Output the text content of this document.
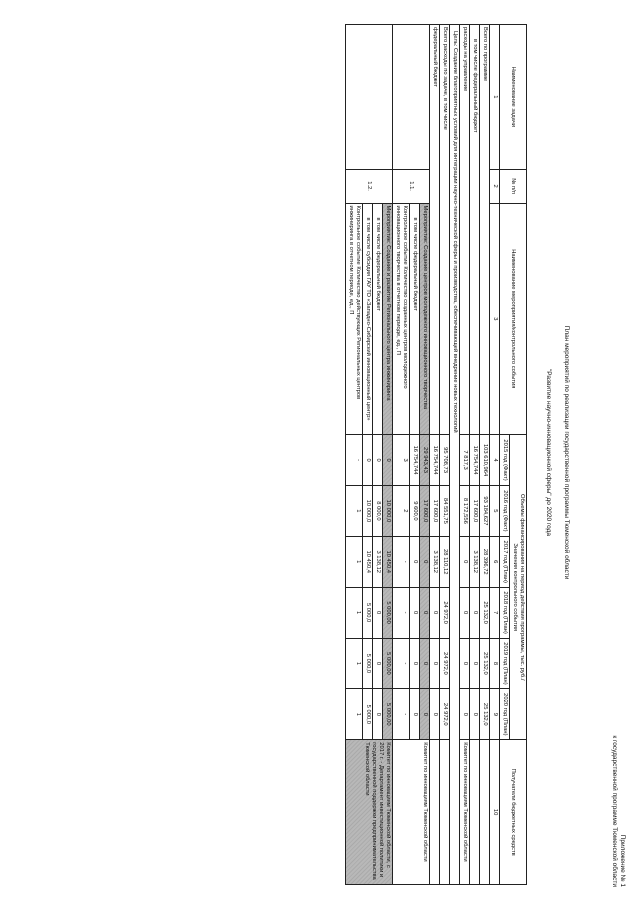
Приложение № 1
к государственной программе Тюменской области
План мероприятий по реализации государственной программы Тюменской области
"Развитие научно-инновационной сферы" до 2020 года
Наименование задачи	№ п/п	Наименование мероприятия/контрольного события	Объемы финансирования на период действия программы, тыс. руб./
Значения контрольного события						Получатели бюджетных средств
			2015 год (Факт)	2016 год (Факт)	2017 год (План)	2018 год (План)	2019 год (План)	2020 год (План)	
1	2	3	4	5	6	7	8	9	10
Всего по программе			103 610,964	93 184,627	28 396,72	25 132,0	25 132,0	25 132,0	
в том числе федеральный бюджет			16 754,744	17 600,0	3 138,12	0	0	0	
расходы на управление			7 817,3	8 172,556	0	0	0	0	Комитет по инновациям Тюменской области
Цель: Создание благоприятных условий для интеграции научно-технической сферы и производства, обеспечивающей внедрение новых технологий									
Всего расходы по задаче, в том числе			95 708,73	84 551,75	28 110,12	24 972,0	24 972,0	24 972,0	
федеральный бюджет			16 754,744	17 600,0	3 138,12	0	0	0	
	1.1.	Мероприятие: Создание центров молодежного инновационного творчества	29 943,43	17 600,0	0	0	0	0	Комитет по инновациям Тюменской области
		в том числе федеральный бюджет	16 754,744	9 600,0	0	0	0	0	
		Контрольное событие Количество созданных центров молодежного инновационного творчества в отчетном периоде, ед., П	3	2	-	-	-	-	
	1.2.	Мероприятие: Создание и развитие Регионального центра инжиниринга	0	10 000,0	10 450,4	5 000,00	5 000,00	5 000,00	Комитет по инновациям Тюменской области, с 2017 г. - Департамент инвестиционной политики и государственной поддержки предпринимательства Тюменской области
		в том числе федеральный бюджет	0	8 000,0	3 138,12	0	0	0	
		в том числе субсидия ГАУ ТО «Западно-Сибирский инновационный центр»	0	10 000,0	10 450,4	5 000,0	5 000,0	5 000,0	
		Контрольное событие Количество действующих Региональных центров инжиниринга в отчетном периоде, ед., П	-	1	1	1	1	1	
